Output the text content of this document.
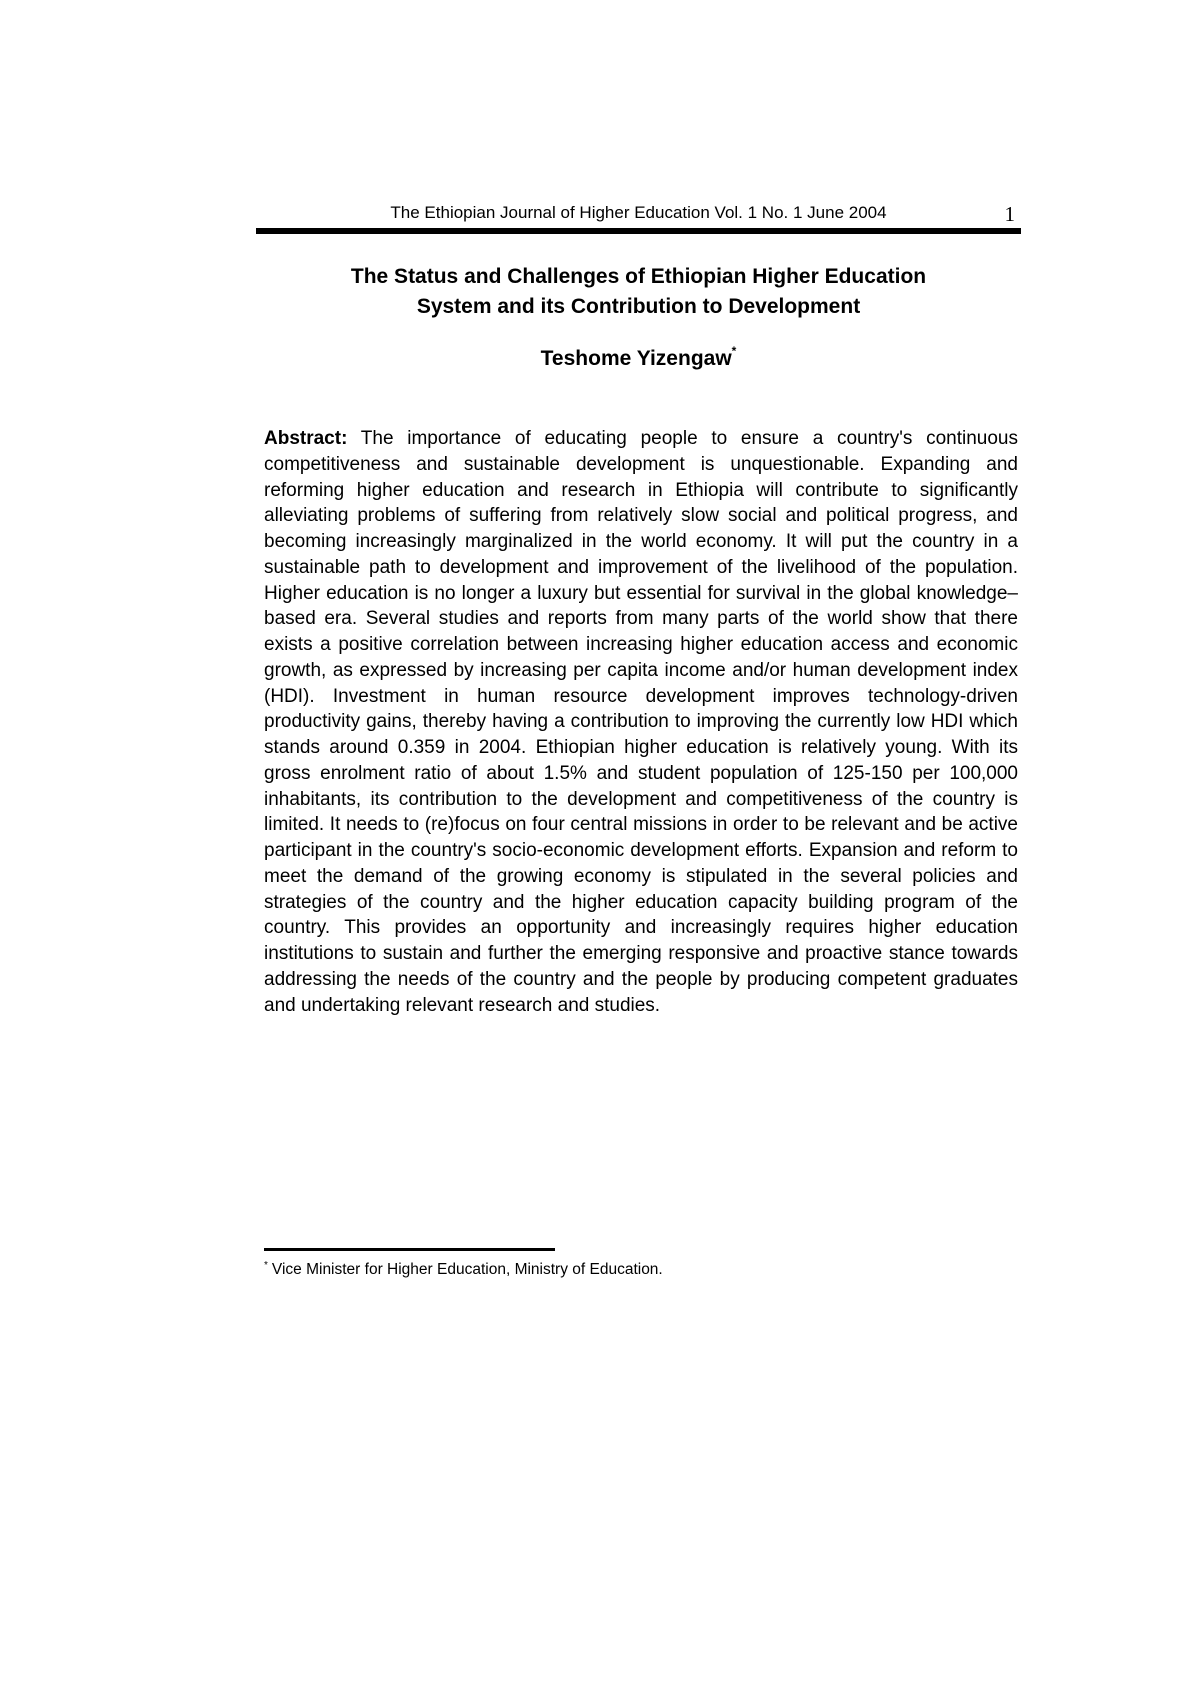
The Ethiopian Journal of Higher Education Vol. 1 No. 1 June 2004	1
The Status and Challenges of Ethiopian Higher Education
System and its Contribution to Development
Teshome Yizengaw*

Abstract: The importance of educating people to ensure a country's continuous competitiveness and sustainable development is unquestionable. Expanding and reforming higher education and research in Ethiopia will contribute to significantly alleviating problems of suffering from relatively slow social and political progress, and becoming increasingly marginalized in the world economy. It will put the country in a sustainable path to development and improvement of the livelihood of the population. Higher education is no longer a luxury but essential for survival in the global knowledge–based era. Several studies and reports from many parts of the world show that there exists a positive correlation between increasing higher education access and economic growth, as expressed by increasing per capita income and/or human development index (HDI). Investment in human resource development improves technology-driven productivity gains, thereby having a contribution to improving the currently low HDI which stands around 0.359 in 2004. Ethiopian higher education is relatively young. With its gross enrolment ratio of about 1.5% and student population of 125-150 per 100,000 inhabitants, its contribution to the development and competitiveness of the country is limited. It needs to (re)focus on four central missions in order to be relevant and be active participant in the country's socio-economic development efforts. Expansion and reform to meet the demand of the growing economy is stipulated in the several policies and strategies of the country and the higher education capacity building program of the country. This provides an opportunity and increasingly requires higher education institutions to sustain and further the emerging responsive and proactive stance towards addressing the needs of the country and the people by producing competent graduates and undertaking relevant research and studies.

* Vice Minister for Higher Education, Ministry of Education.
